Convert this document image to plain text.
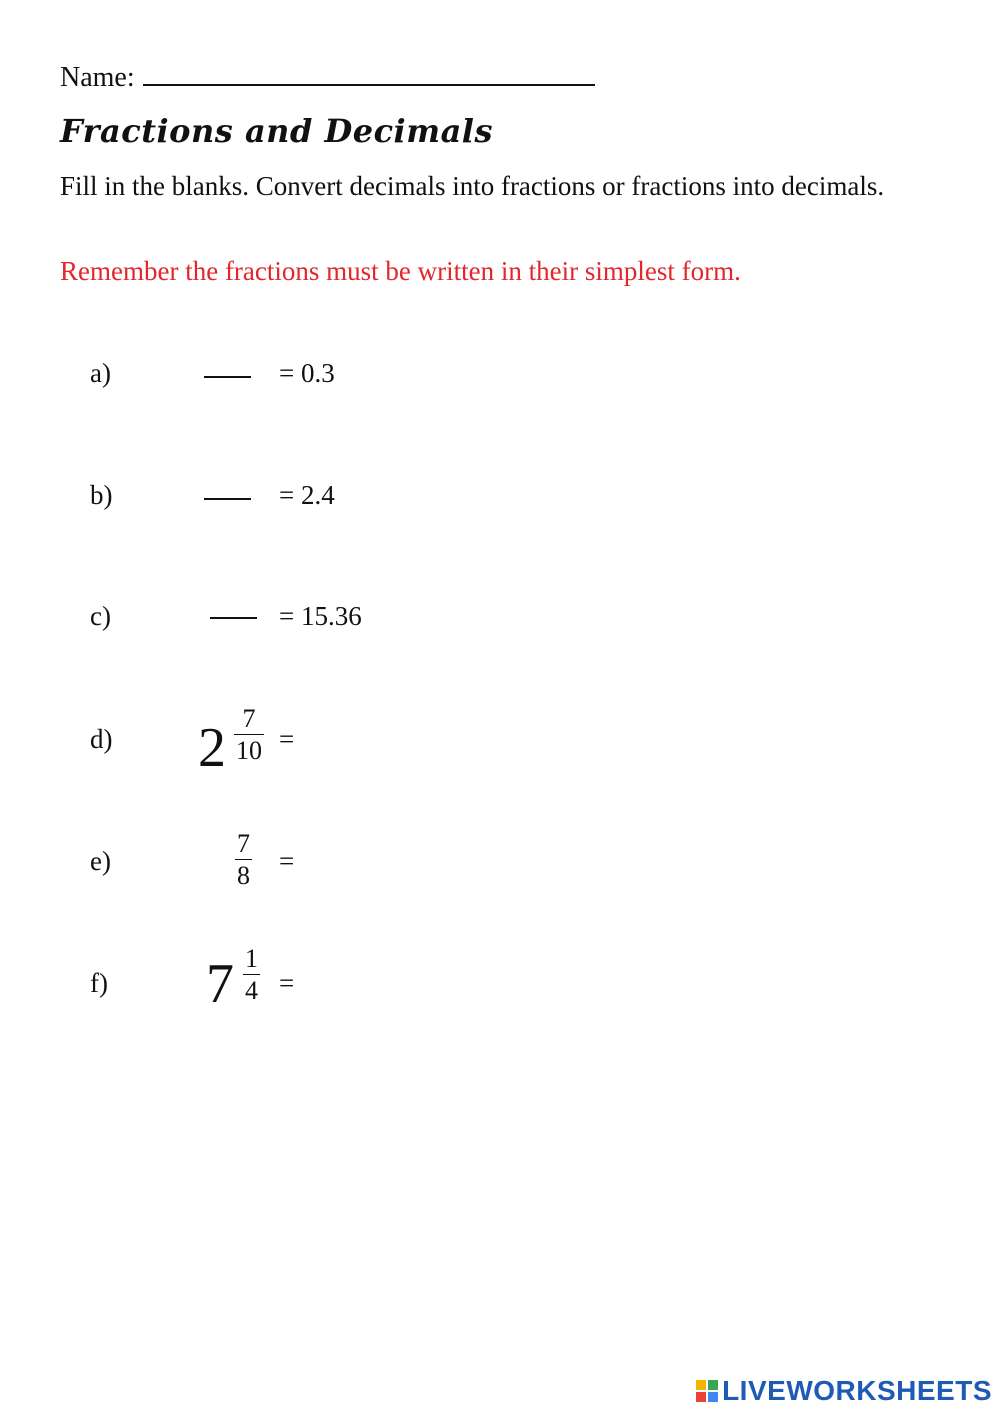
Name:
Fractions and Decimals
Fill in the blanks. Convert decimals into fractions or fractions into decimals.
Remember the fractions must be written in their simplest form.
a)	= 0.3
b)	= 2.4
c)	= 15.36
d) 2 7
10 =
e)
7
8 =
f) 7 1
4 =
LIVEWORKSHEETS
